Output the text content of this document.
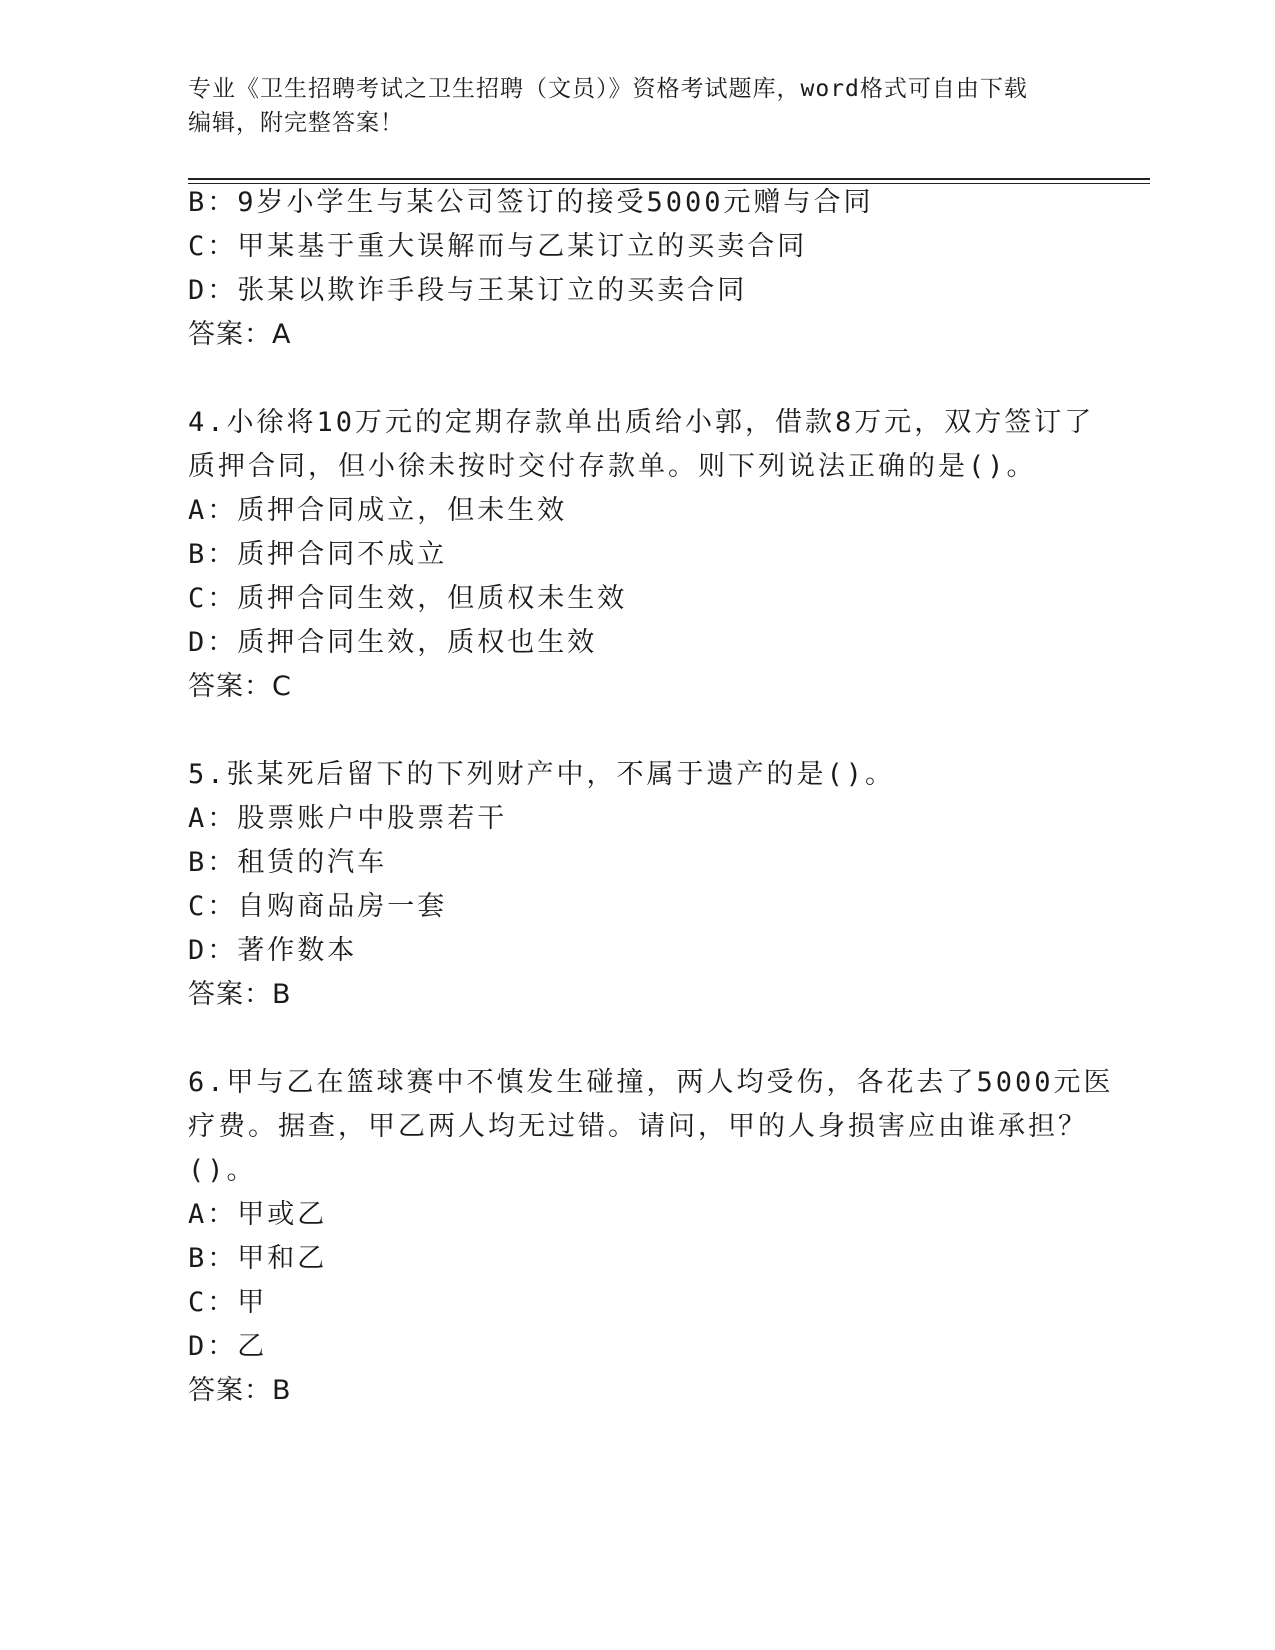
专业《卫生招聘考试之卫生招聘（文员）》资格考试题库，word格式可自由下载
编辑，附完整答案！
B：9岁小学生与某公司签订的接受5000元赠与合同
C：甲某基于重大误解而与乙某订立的买卖合同
D：张某以欺诈手段与王某订立的买卖合同
答案：A
4.小徐将10万元的定期存款单出质给小郭，借款8万元，双方签订了
质押合同，但小徐未按时交付存款单。则下列说法正确的是()。
A：质押合同成立，但未生效
B：质押合同不成立
C：质押合同生效，但质权未生效
D：质押合同生效，质权也生效
答案：C
5.张某死后留下的下列财产中，不属于遗产的是()。
A：股票账户中股票若干
B：租赁的汽车
C：自购商品房一套
D：著作数本
答案：B
6.甲与乙在篮球赛中不慎发生碰撞，两人均受伤，各花去了5000元医
疗费。据查，甲乙两人均无过错。请问，甲的人身损害应由谁承担？
()。
A：甲或乙
B：甲和乙
C：甲
D：乙
答案：B
